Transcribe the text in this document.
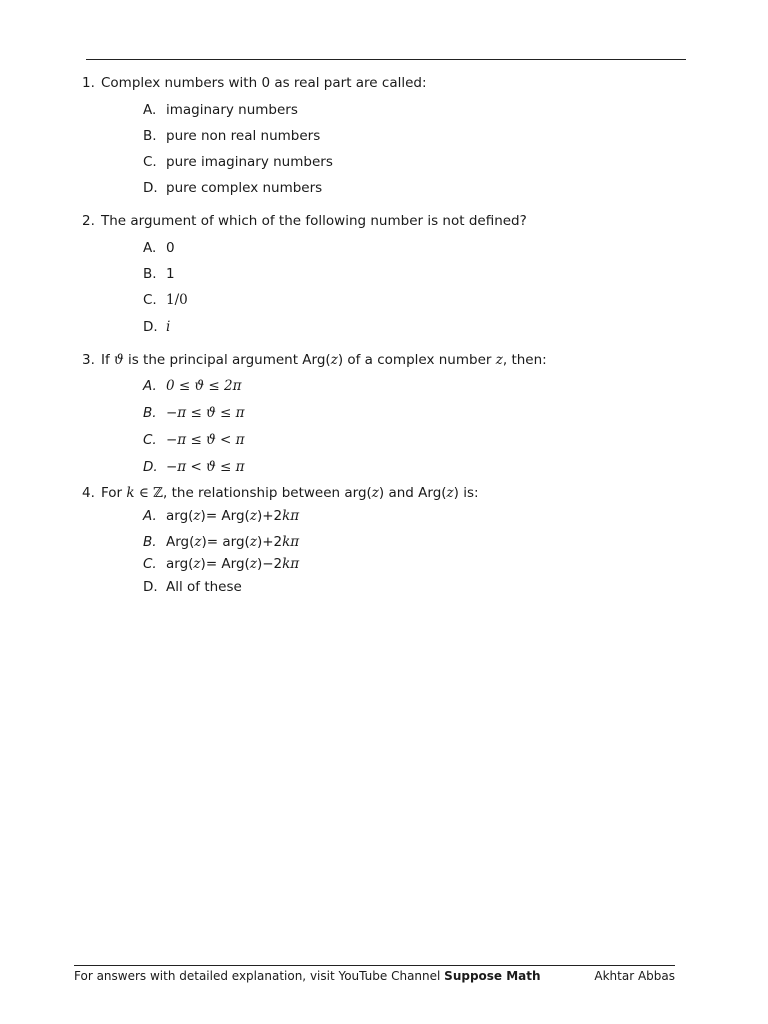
1. Complex numbers with 0 as real part are called:
A. imaginary numbers
B. pure non real numbers
C. pure imaginary numbers
D. pure complex numbers
2. The argument of which of the following number is not defined?
A. 0
B. 1
C. 1/0
D. i
3. If ϑ is the principal argument Arg(z) of a complex number z, then:
A. 0 ≤ ϑ ≤ 2π
B. −π ≤ ϑ ≤ π
C. −π ≤ ϑ < π
D. −π < ϑ ≤ π
4. For k ∈ ℤ, the relationship between arg(z) and Arg(z) is:
A. arg(z)= Arg(z)+2kπ
B. Arg(z)= arg(z)+2kπ
C. arg(z)= Arg(z)−2kπ
D. All of these
For answers with detailed explanation, visit YouTube Channel Suppose Math	Akhtar Abbas
